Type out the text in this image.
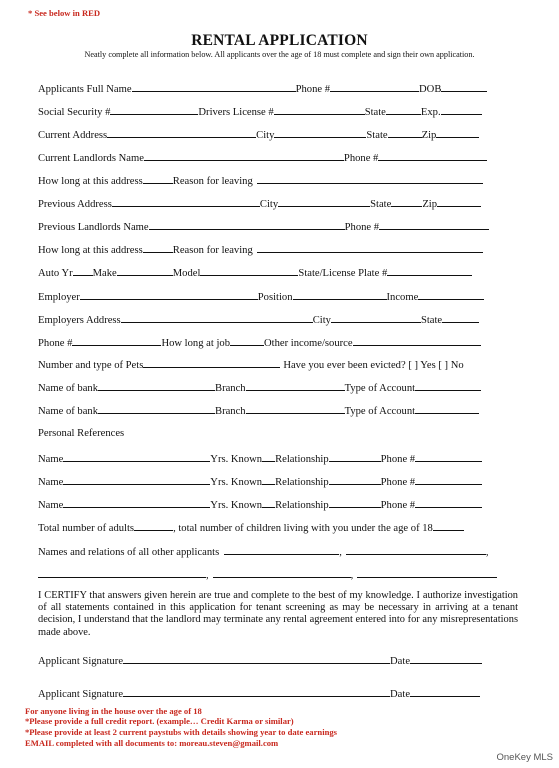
* See below in RED
RENTAL APPLICATION
Neatly complete all information below. All applicants over the age of 18 must complete and sign their own application.
Applicants Full Name	Phone #	DOB
Social Security #	Drivers License #	State	Exp.
Current Address	City	State	Zip
Current Landlords Name	Phone #
How long at this address	Reason for leaving
Previous Address	City	State	Zip
Previous Landlords Name	Phone #
How long at this address	Reason for leaving
Auto Yr Make	Model	State/License Plate #
Employer	Position	Income
Employers Address	City	State
Phone #	How long at job	Other income/source
Number and type of Pets	Have you ever been evicted? [ ] Yes [ ] No
Name of bank	Branch	Type of Account
Name of bank	Branch	Type of Account
Personal References
Name	Yrs. Known Relationship	Phone #
Name	Yrs. Known Relationship	Phone #
Name	Yrs. Known Relationship	Phone #
Total number of adults	, total number of children living with you under the age of 18
Names and relations of all other applicants	,	,
,	,
I CERTIFY that answers given herein are true and complete to the best of my knowledge. I authorize investigation of all statements contained in this application for tenant screening as may be necessary in arriving at a tenant decision, I understand that the landlord may terminate any rental agreement entered into for any misrepresentations made above.
Applicant Signature	Date
Applicant Signature	Date
For anyone living in the house over the age of 18
*Please provide a full credit report. (example… Credit Karma or similar)
*Please provide at least 2 current paystubs with details showing year to date earnings
EMAIL completed with all documents to: moreau.steven@gmail.com
OneKey MLS
